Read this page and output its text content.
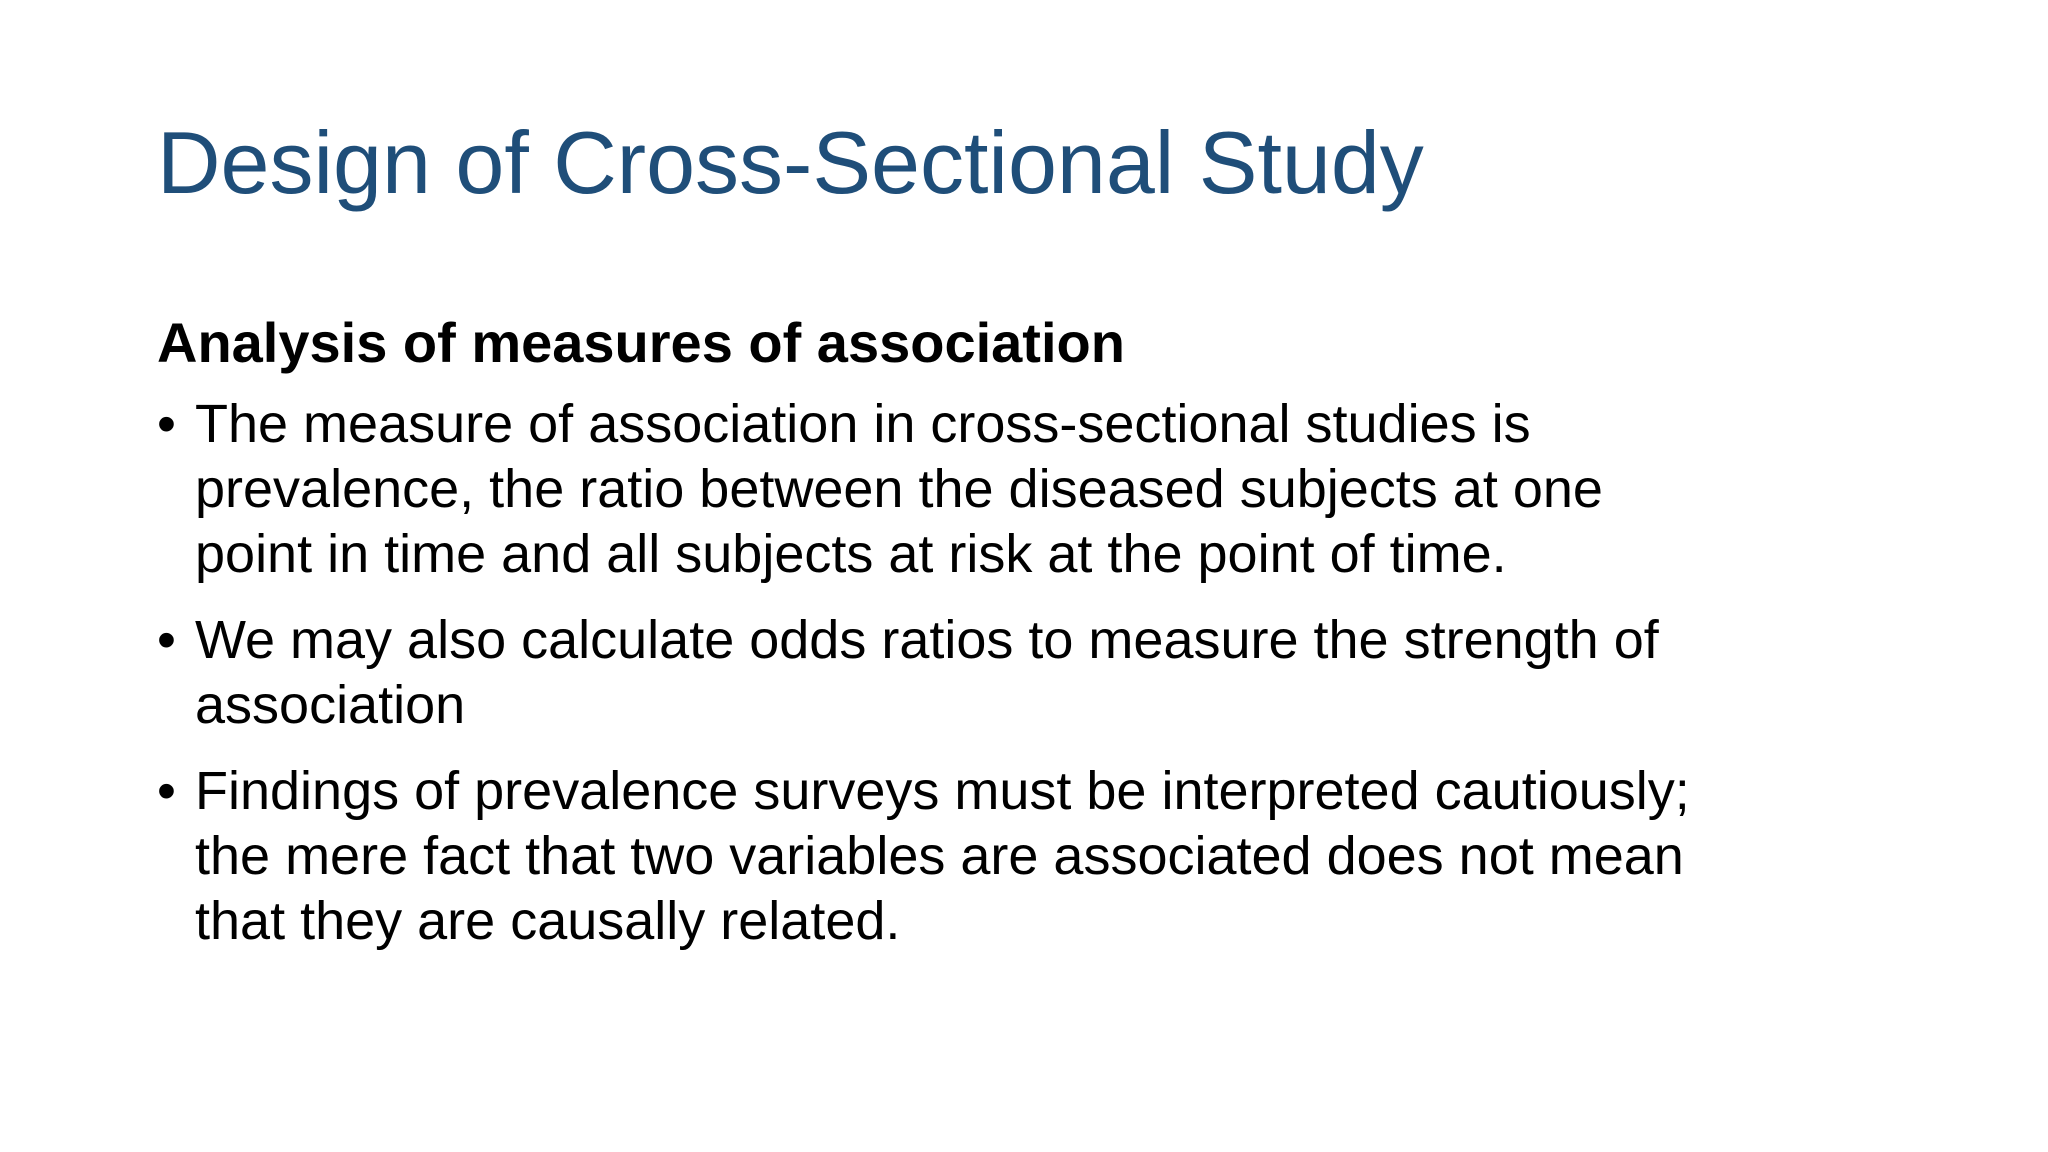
Design of Cross-Sectional Study
Analysis of measures of association
• The measure of association in cross-sectional studies is
prevalence, the ratio between the diseased subjects at one
point in time and all subjects at risk at the point of time.
• We may also calculate odds ratios to measure the strength of
association
• Findings of prevalence surveys must be interpreted cautiously;
the mere fact that two variables are associated does not mean
that they are causally related.
